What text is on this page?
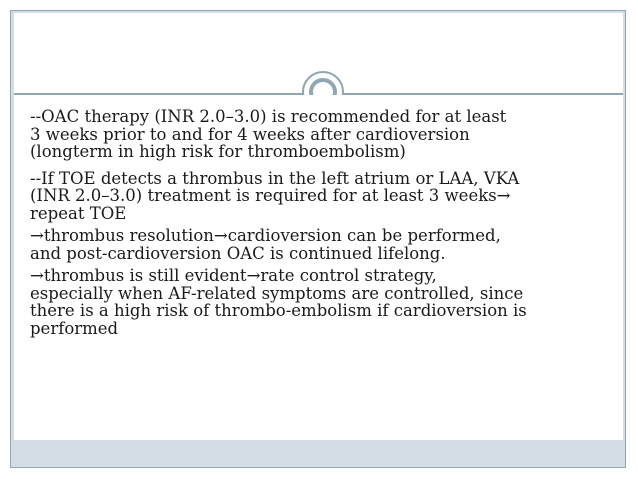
--OAC therapy (INR 2.0–3.0) is recommended for at least
3 weeks prior to and for 4 weeks after cardioversion
(longterm in high risk for thromboembolism)

--If TOE detects a thrombus in the left atrium or LAA, VKA
(INR 2.0–3.0) treatment is required for at least 3 weeks→
repeat TOE

→thrombus resolution→cardioversion can be performed,
and post-cardioversion OAC is continued lifelong.

→thrombus is still evident→rate control strategy,
especially when AF-related symptoms are controlled, since
there is a high risk of thrombo-embolism if cardioversion is
performed
